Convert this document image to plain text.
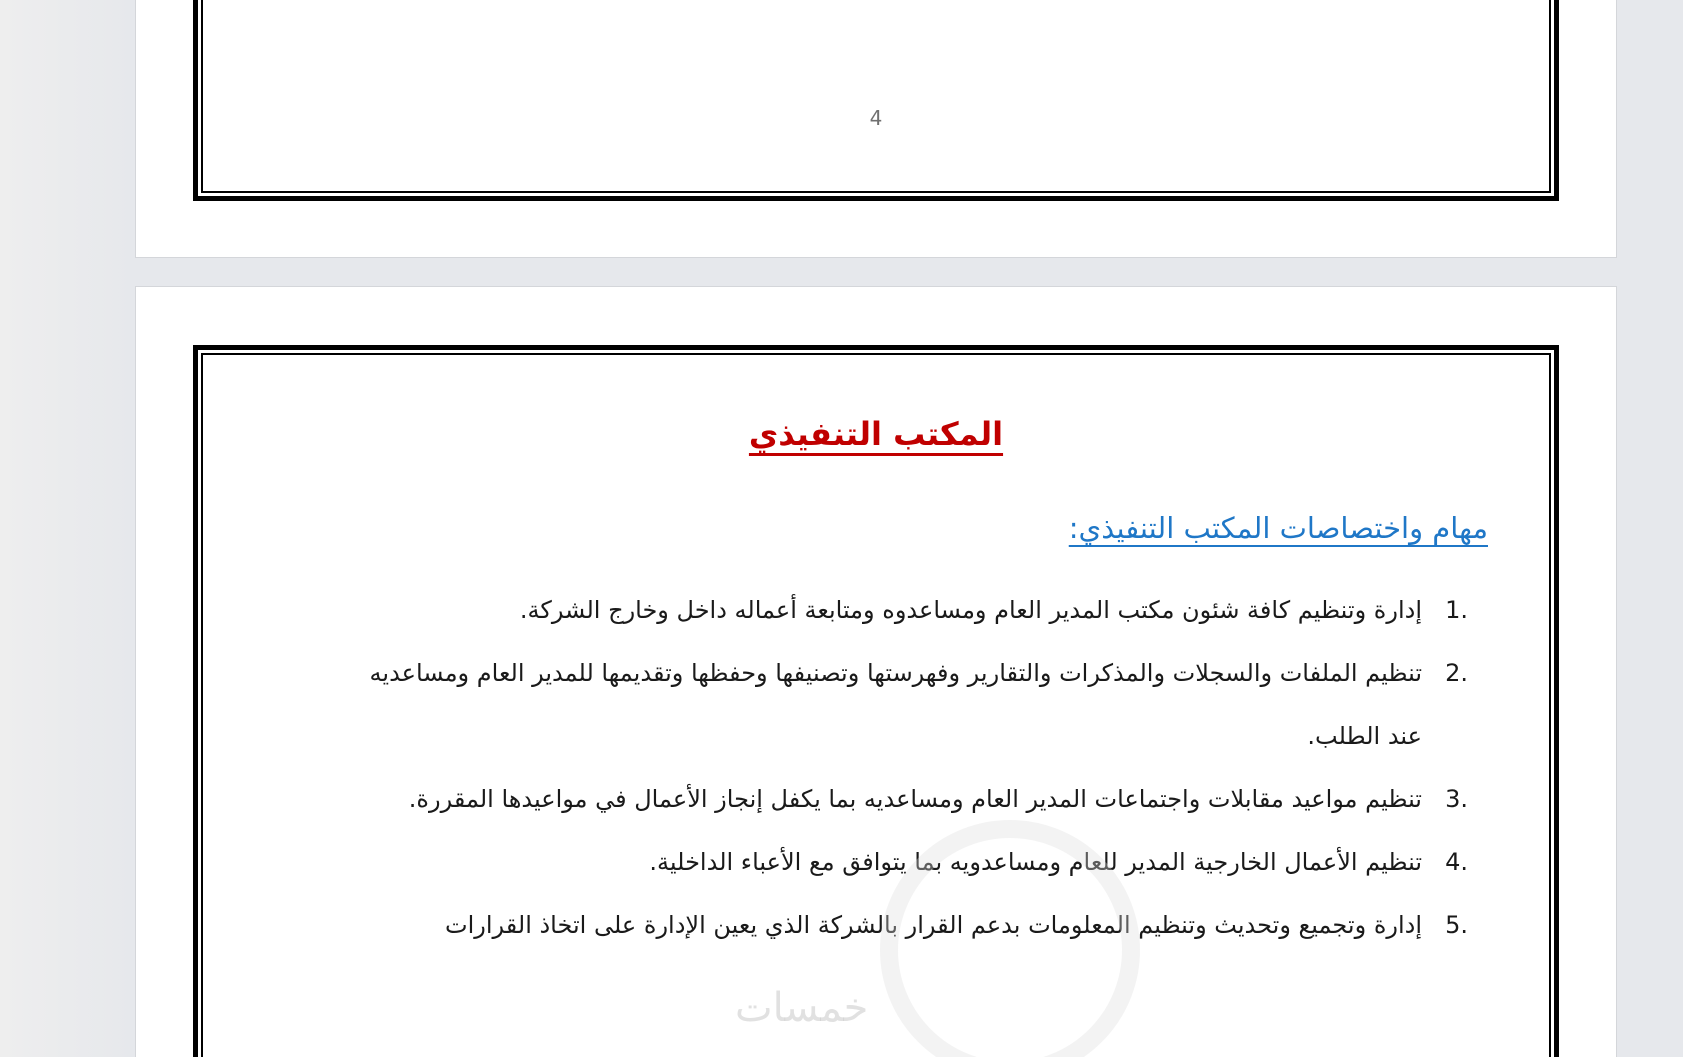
4
المكتب التنفيذي
مهام واختصاصات المكتب التنفيذي:
1.
إدارة وتنظيم كافة شئون مكتب المدير العام ومساعدوه ومتابعة أعماله داخل وخارج الشركة.
2.
تنظيم الملفات والسجلات والمذكرات والتقارير وفهرستها وتصنيفها وحفظها وتقديمها للمدير العام ومساعديه عند الطلب.
3.
تنظيم مواعيد مقابلات واجتماعات المدير العام ومساعديه بما يكفل إنجاز الأعمال في مواعيدها المقررة.
4.
تنظيم الأعمال الخارجية المدير للعام ومساعدويه بما يتوافق مع الأعباء الداخلية.
5.
إدارة وتجميع وتحديث وتنظيم المعلومات بدعم القرار بالشركة الذي يعين الإدارة على اتخاذ القرارات
خمسات
